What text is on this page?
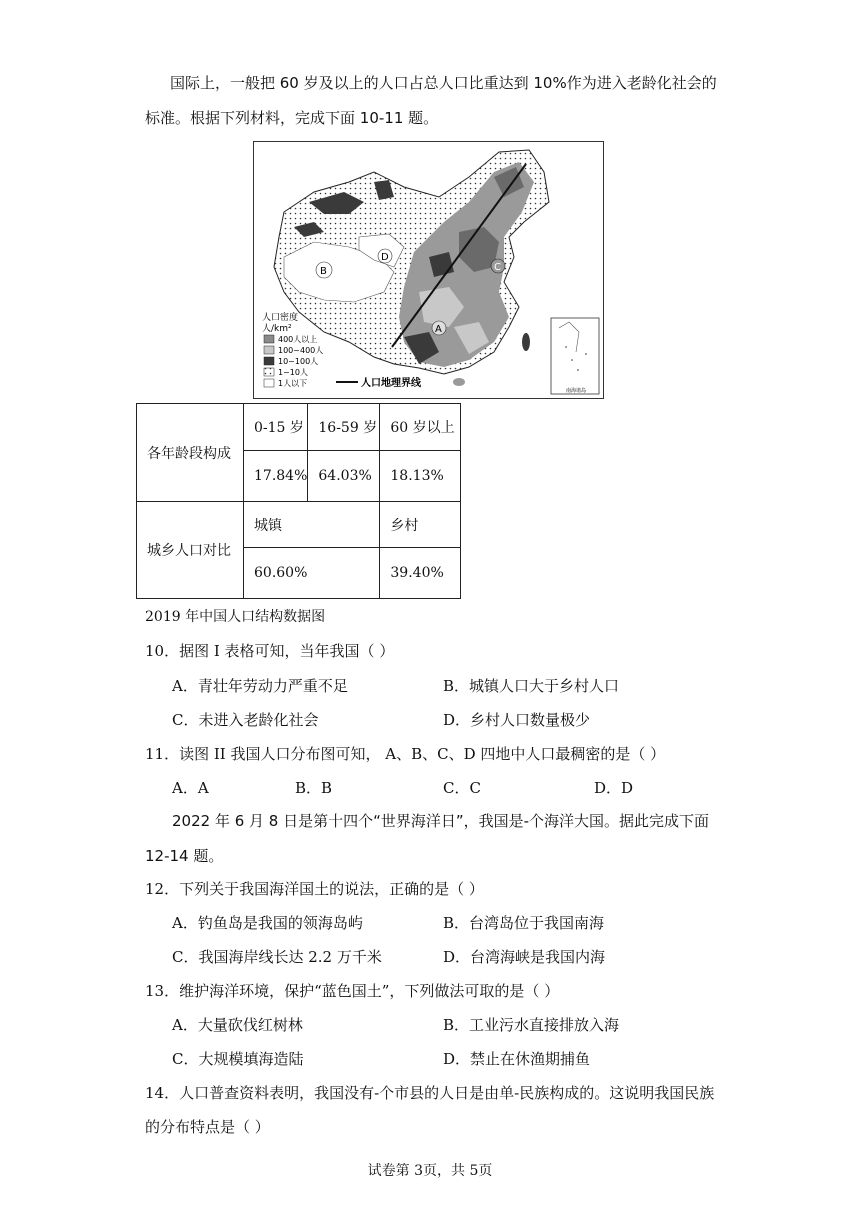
国际上，一般把 60 岁及以上的人口占总人口比重达到 10%作为进入老龄化社会的
标准。根据下列材料，完成下面 10-11 题。
B
D
A
C
南海诸岛
人口密度
人/km²
400人以上
100~400人
10~100人
1~10人
1人以下	人口地理界线
各年龄段构成	0-15 岁	16-59 岁	60 岁以上
	17.84%	64.03%	18.13%
城乡人口对比	城镇		乡村
	60.60%		39.40%
2019 年中国人口结构数据图
10．据图 I 表格可知，当年我国（ ）
A．青壮年劳动力严重不足	B．城镇人口大于乡村人口
C．未进入老龄化社会	D．乡村人口数量极少
11．读图 II 我国人口分布图可知， A、B、C、D 四地中人口最稠密的是（ ）
A．A	B．B	C．C	D．D
2022 年 6 月 8 日是第十四个“世界海洋日”，我国是-个海洋大国。据此完成下面
12-14 题。
12．下列关于我国海洋国土的说法，正确的是（ ）
A．钓鱼岛是我国的领海岛屿	B．台湾岛位于我国南海
C．我国海岸线长达 2.2 万千米	D．台湾海峡是我国内海
13．维护海洋环境，保护“蓝色国土”，下列做法可取的是（ ）
A．大量砍伐红树林	B．工业污水直接排放入海
C．大规模填海造陆	D．禁止在休渔期捕鱼
14．人口普查资料表明，我国没有-个市县的人日是由单-民族构成的。这说明我国民族
的分布特点是（ ）
试卷第 3页，共 5页
